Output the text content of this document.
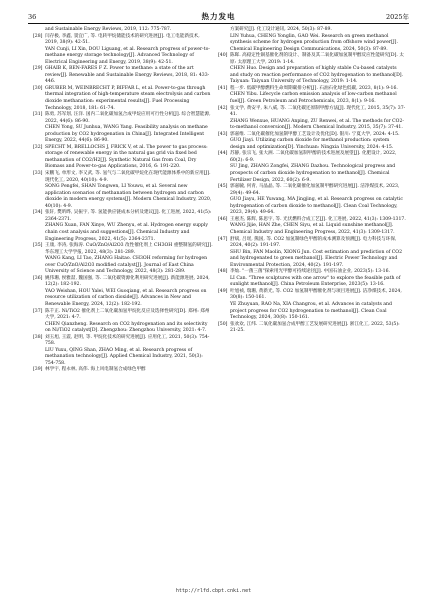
36	热力发电	2025年
and Sustainable Energy Reviews, 2019, 112: 775-787.
[28] 闫存极, 李鑫, 窦宜广, 等. 电转甲烷储能技术的研究进展[J]. 电工电能新技术, 2019, 38(9): 42-51.
YAN Cunji, LI Xin, DOU Liguang, et al. Research progress of power-to-methane energy storage technology[J]. Advanced Technology of Electrical Engineering and Energy, 2019, 38(9): 42-51.
[29] GHAIB K, BEN-FARES F Z. Power to methane: a state of the art review[J]. Renewable and Sustainable Energy Reviews, 2018, 81: 433-446.
[30] GRUBER M, WEINBRECHT P, BIFFAR L, et al. Power-to-gas through thermal integration of high-temperature steam electrolysis and carbon dioxide methanation: experimental results[J]. Fuel Processing Technology, 2018, 181: 61-74.
[31] 陈勇, 苏军划, 汪洋. 国内二氧化碳加氢合成甲烷应用可行性分析[J]. 综合智慧能源, 2022, 44(6): 86-90.
CHEN Yong, SU Junhua, WANG Yang. Feasibility analysis on methane production by CO2 hydrogenation in China[J]. Integrated Intelligent Energy, 2022, 44(6): 86-90.
[32] SPECHT M, BRELLOCHS J, FRICK V, et al. The power to gas process: storage of renewable energy in the natural gas grid via fixed bed methanation of CO2/H2[J]. Synthetic Natural Gas from Coal, Dry Biomass and Power-to-gas Applications, 2016, 6: 191-220.
[33] 宋鹏飞, 单形文, 李又武, 等. 氢气与二氧化碳甲烷化在现代能源体系中的新应用[J]. 现代化工, 2020, 40(10): 4-9.
SONG Pengfei, SHAN Tongwen, LI Youwu, et al. Several new application scenarios of methanation between hydrogen and carbon dioxide in modern energy systems[J]. Modern Chemical Industry, 2020, 40(10): 4-9.
[34] 张轩, 樊昕晔, 吴振宇, 等. 氢能供应链成本分析及建议[J]. 化工进展, 2022, 41(5): 2364-2371.
ZHANG Xuan, FAN Xinye, WU Zhenyu, et al. Hydrogen energy supply chain cost analysis and suggestions[J]. Chemical Industry and Engineering Progress, 2022, 41(5): 2364-2371.
[35] 王康, 李涛, 张海涛. CuO/ZnO/Al2O3 改性催化剂上 CH3OH 重整制氢的研究[J]. 华东理工大学学报, 2022, 48(3): 281-289.
WANG Kang, LI Tao, ZHANG Haitao. CH3OH reforming for hydrogen over CuO/ZnO/Al2O3 modified catalyst[J]. Journal of East China University of Science and Technology, 2022, 48(3): 281-289.
[36] 姚伟珊, 侯雅喆, 魏国强, 等. 二氧化碳资源化利用研究进展[J]. 新能源进展, 2024, 12(2): 182-192.
YAO Weishan, HOU Yalei, WEI Guoqiang, et al. Research progress on resource utilization of carbon dioxide[J]. Advances in New and Renewable Energy, 2024, 12(2): 182-192.
[37] 陈千正. Ni/TiO2 催化剂上二氧化碳加氢甲烷化反应及选择性研究[D]. 郑州: 郑州大学, 2021: 4-7.
CHEN Qianzheng. Research on CO2 hydrogenation and its selectivity on Ni/TiO2 catalyst[D]. Zhengzhou: Zhengzhou University, 2021: 4-7.
[38] 刘玉旭, 王震, 赵明, 等. 甲烷化技术的研究进展[J]. 应用化工, 2021, 50(3): 754-758.
LIU Yuxu, QING Shan, ZHAO Ming, et al. Research progress of methanation technology[J]. Applied Chemical Industry, 2021, 50(3): 754-758.
[39] 林学宇, 程永林, 高伟. 海上风电制氢合成绿色甲醇
方案研究[J]. 化工设计通讯, 2024, 50(3): 87-89.
LIN Yuhua, CHENG Yonglin, GAO Wei. Research on green methanol synthesis scheme for hydrogen production from offshore wind power[J]. Chemical Engineering Design Communications, 2024, 50(3): 87-89.
[40] 陈晖. 高稳定性铜基催化剂的设计、制备及其二氧化碳加氢制甲醇反应性能研究[D]. 太原: 太原理工大学, 2019: 1-14.
CHEN Huo. Design and preparation of highly stable Cu-based catalysts and study on reaction performance of CO2 hydrogenation to methanol[D]. Taiyuan: Taiyuan University of Technology, 2019: 1-14.
[41] 程一步. 低碳甲醇燃料生命周期碳排分析[J]. 石油石化绿色低碳, 2023, 8(1): 9-16.
CHEN Yibu. Lifecycle carbon emission analysis of low-carbon methanol fuel[J]. Green Petroleum and Petrochemicals, 2023, 8(1): 9-16.
[42] 张文学, 黄安平, 朱八威, 等. 二氧化碳还原制甲醇方法[J]. 现代化工, 2015, 35(7): 37-41.
ZHANG Wenxue, HUANG Anping, ZU Renwei, et al. The methods for CO2-to-methanol conversion[J]. Modern Chemical Industry, 2015, 35(7): 37-41.
[43] 郭嘉维. 二氧化碳催化加氢制甲醇工艺设计及优化[D]. 银川: 宁夏大学, 2024: 4-15.
GUO Jiayi. Utilizing carbon dioxide for methanol production: system design and optimization[D]. Yinchuan: Ningxia University, 2024: 4-15.
[44] 苏静, 张宗飞, 张大洲. 二氧化碳加氢制甲醇的技术进展及展望[J]. 化肥设计, 2022, 60(2): 6-9.
SU Jing, ZHANG Zongfei, ZHANG Dazhou. Technological progress and prospects of carbon dioxide hydrogenation to methanol[J]. Chemical Fertilizer Design, 2022, 60(2): 6-9.
[45] 郭嘉毓, 何青, 马晶晶, 等. 二氧化碳催化加氢制甲醇研究进展[J]. 洁净煤技术, 2023, 29(4): 49-64.
GUO Jiayu, HE Yuwang, MA Jingjing, et al. Research progress on catalytic hydrogenation of carbon dioxide to methanol[J]. Clean Coal Technology, 2023, 29(4): 49-64.
[46] 王惠杰, 陈辉, 陈思宇, 等. 光伏燃料合成工艺[J]. 化工进展, 2022, 41(3): 1309-1317.
WANG Jijie, HAN Zhe, CHEN Siyu, et al. Liquid sunshine methanol[J]. Chemical Industry and Engineering Progress, 2022, 41(3): 1309-1317.
[47] 舒斌, 吕瑶, 熊国, 等. CO2 加氢制绿色甲醇的成本测算及预测[J]. 电力科技与环保, 2024, 40(2): 191-197.
SHU Bin, FAN Maolin, XIONG Jun. Cost estimation and prediction of CO2 and hydrogenated to green methanol[J]. Electric Power Technology and Environmental Protection, 2024, 40(2): 191-197.
[48] 李灿. "一菌三菌"探索用光甲醇可持续途径[J]. 中国石油企业, 2023(5): 13-16.
LI Can. "Three sculptures with one arrow" to explore the feasible path of sunlight methanol[J]. China Petroleum Enterprise, 2023(5): 13-16.
[49] 叶旭祯, 瑞珊, 黄新光, 等. CO2 加氢制甲醇催化剂与项目进展[J]. 洁净煤技术, 2024, 30(8): 150-161.
YE Zhuyuan, RAO Na, XIA Changrou, et al. Advances in catalysts and project progress for CO2 hydrogenation to methanol[J]. Clean Coal Technology, 2024, 30(8): 150-161.
[50] 张欢欢, 江纬. 二氧化碳加氢合成甲醇工艺发展研究进展[J]. 浙江化工, 2022, 53(5): 21-25.
http://rlfd.cbpt.cnki.net
